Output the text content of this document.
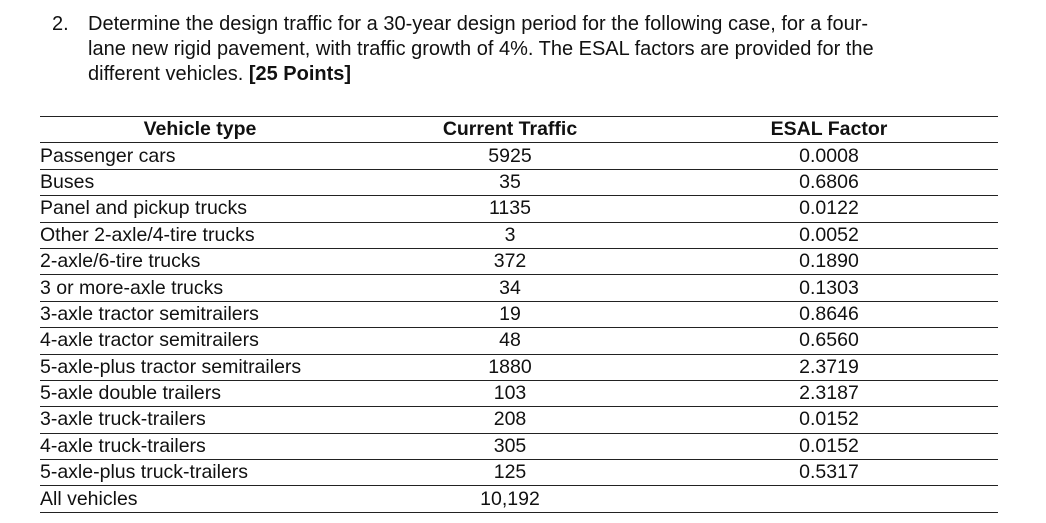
2. Determine the design traffic for a 30-year design period for the following case, for a four-
lane new rigid pavement, with traffic growth of 4%. The ESAL factors are provided for the
different vehicles. [25 Points]
Vehicle type	Current Traffic	ESAL Factor
Passenger cars	5925	0.0008
Buses	35	0.6806
Panel and pickup trucks	1135	0.0122
Other 2-axle/4-tire trucks	3	0.0052
2-axle/6-tire trucks	372	0.1890
3 or more-axle trucks	34	0.1303
3-axle tractor semitrailers	19	0.8646
4-axle tractor semitrailers	48	0.6560
5-axle-plus tractor semitrailers	1880	2.3719
5-axle double trailers	103	2.3187
3-axle truck-trailers	208	0.0152
4-axle truck-trailers	305	0.0152
5-axle-plus truck-trailers	125	0.5317
All vehicles	10,192	
